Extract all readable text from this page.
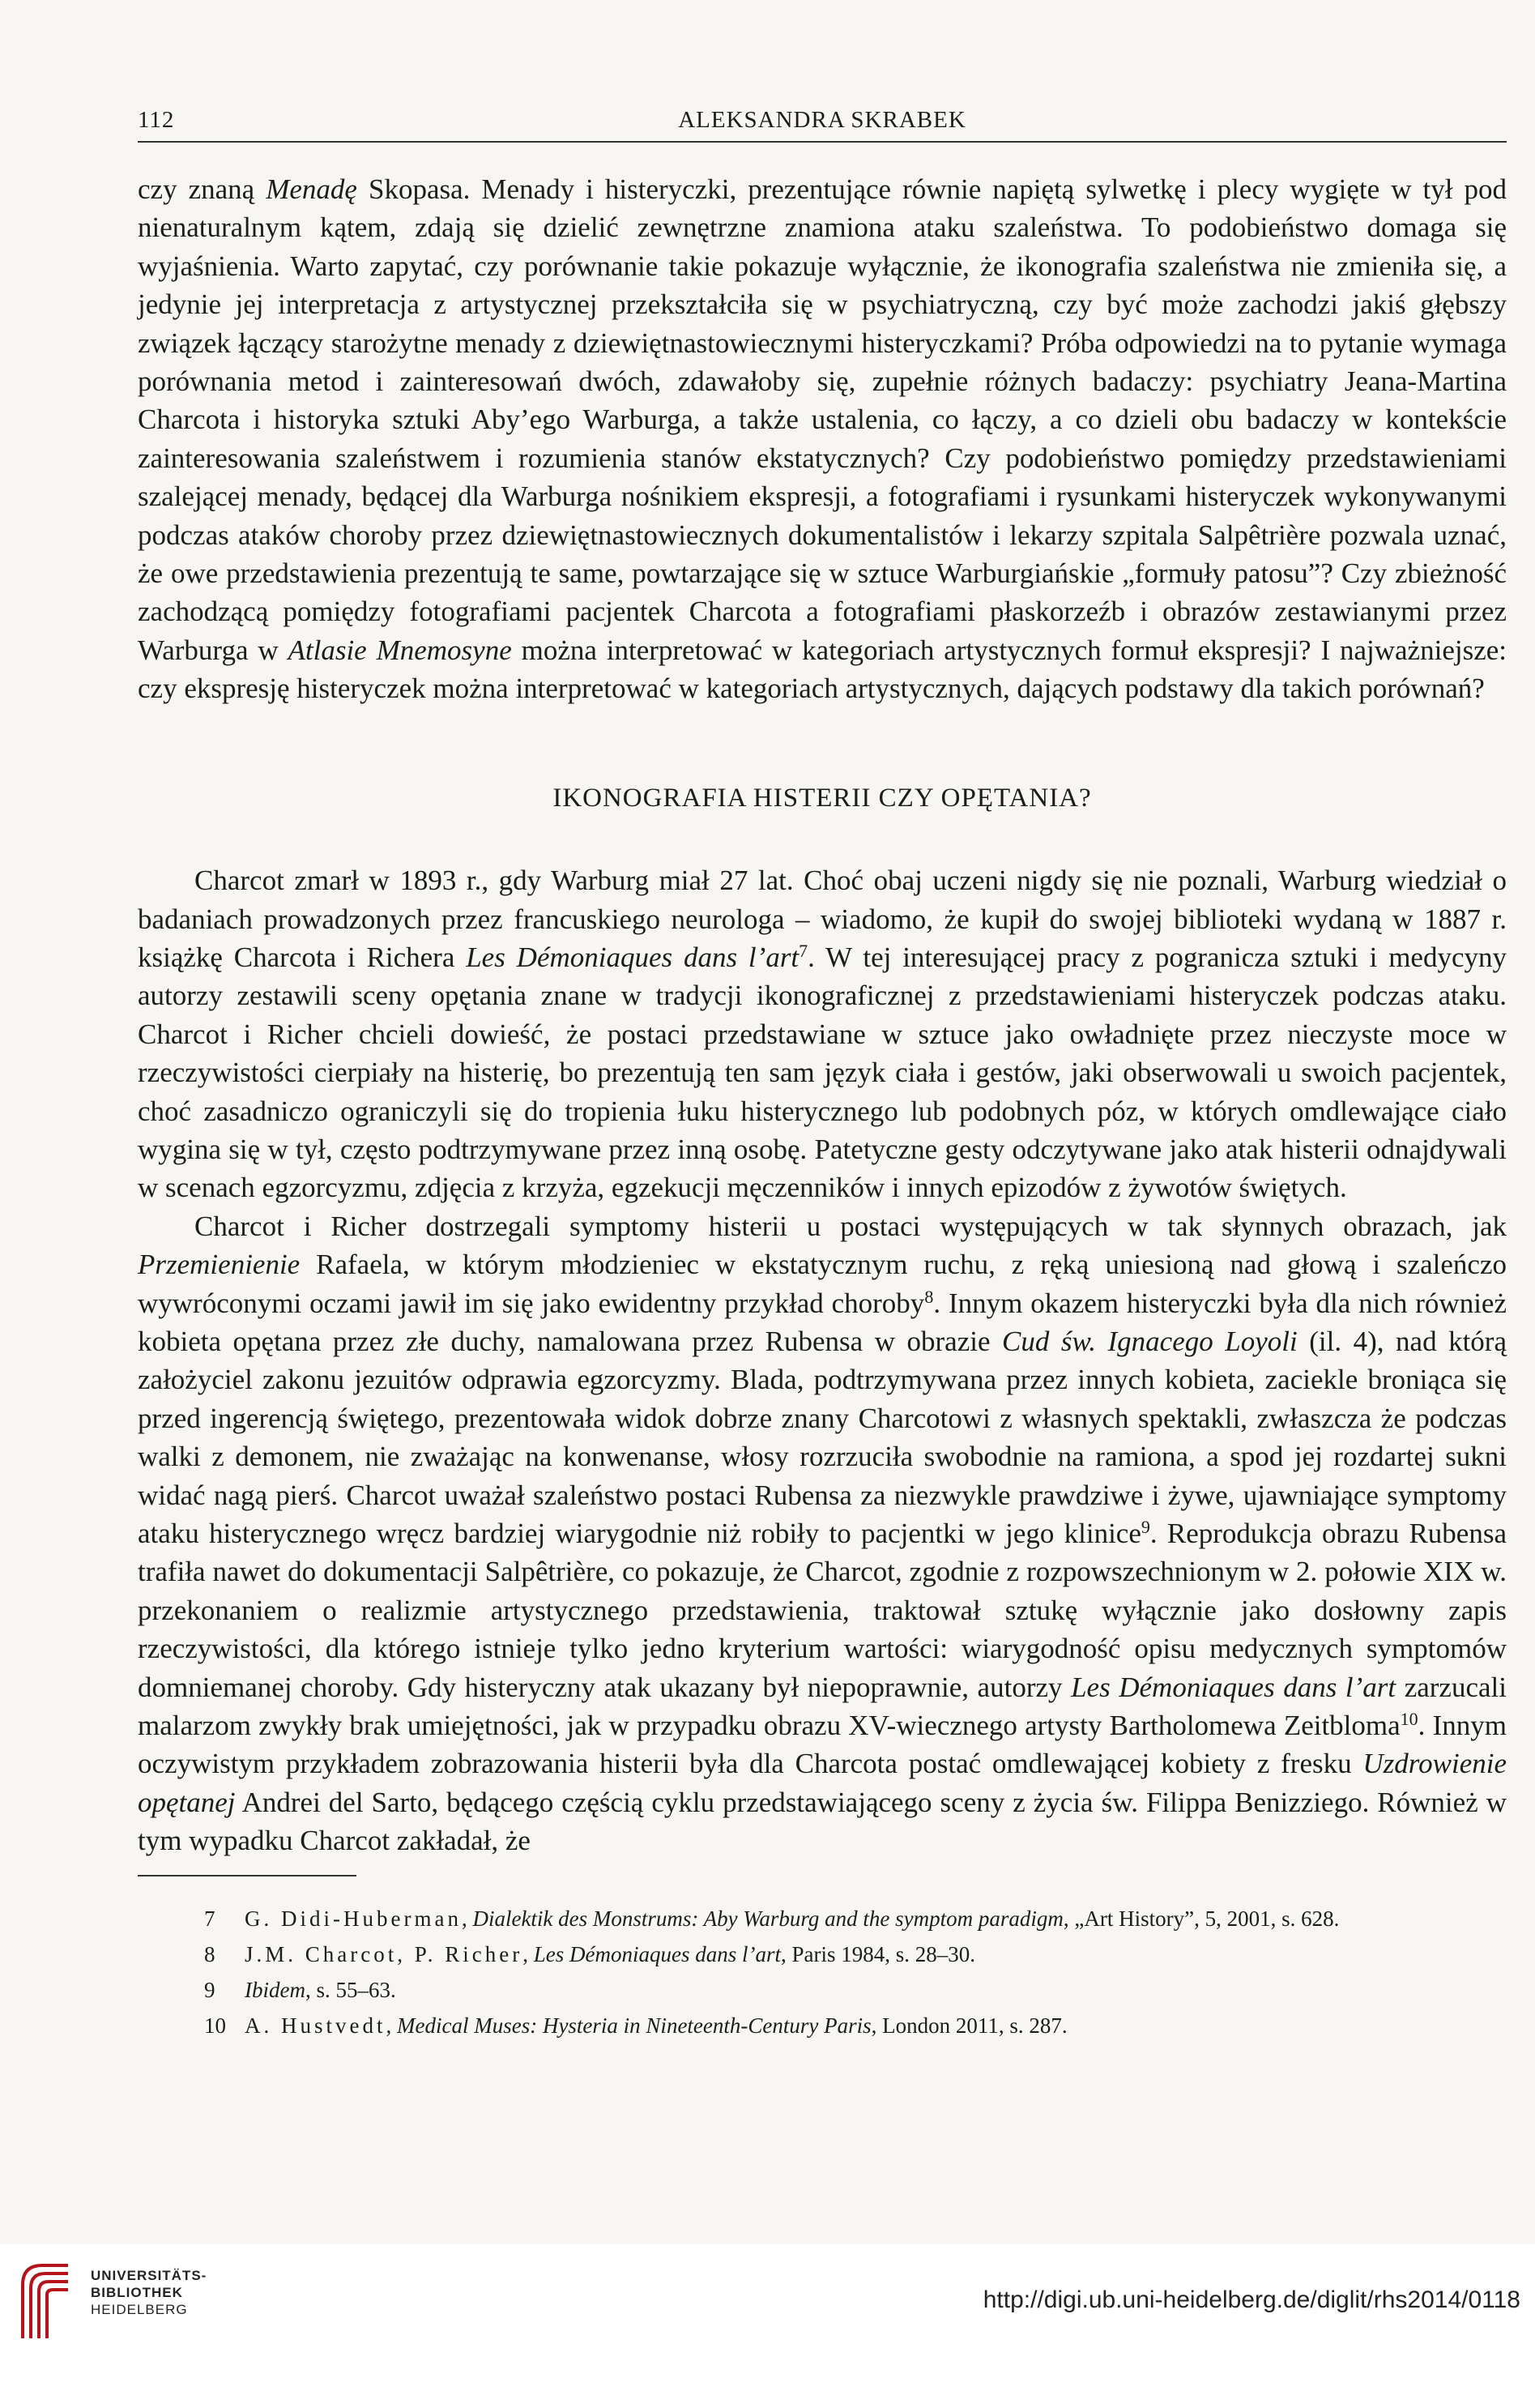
112	ALEKSANDRA SKRABEK

czy znaną Menadę Skopasa. Menady i histeryczki, prezentujące równie napiętą sylwetkę i plecy wygięte w tył pod nienaturalnym kątem, zdają się dzielić zewnętrzne znamiona ataku szaleństwa. To podobieństwo domaga się wyjaśnienia. Warto zapytać, czy porównanie takie pokazuje wyłącznie, że ikonografia szaleństwa nie zmieniła się, a jedynie jej interpretacja z artystycznej przekształciła się w psychiatryczną, czy być może zachodzi jakiś głębszy związek łączący starożytne menady z dziewiętnastowiecznymi histeryczkami? Próba odpowiedzi na to pytanie wymaga porównania metod i zainteresowań dwóch, zdawałoby się, zupełnie różnych badaczy: psychiatry Jeana-Martina Charcota i historyka sztuki Aby’ego Warburga, a także ustalenia, co łączy, a co dzieli obu badaczy w kontekście zainteresowania szaleństwem i rozumienia stanów ekstatycznych? Czy podobieństwo pomiędzy przedstawieniami szalejącej menady, będącej dla Warburga nośnikiem ekspresji, a fotografiami i rysunkami histeryczek wykonywanymi podczas ataków choroby przez dziewiętnastowiecznych dokumentalistów i lekarzy szpitala Salpêtrière pozwala uznać, że owe przedstawienia prezentują te same, powtarzające się w sztuce Warburgiańskie „formuły patosu”? Czy zbieżność zachodzącą pomiędzy fotografiami pacjentek Charcota a fotografiami płaskorzeźb i obrazów zestawianymi przez Warburga w Atlasie Mnemosyne można interpretować w kategoriach artystycznych formuł ekspresji? I najważniejsze: czy ekspresję histeryczek można interpretować w kategoriach artystycznych, dających podstawy dla takich porównań?

IKONOGRAFIA HISTERII CZY OPĘTANIA?

Charcot zmarł w 1893 r., gdy Warburg miał 27 lat. Choć obaj uczeni nigdy się nie poznali, Warburg wiedział o badaniach prowadzonych przez francuskiego neurologa – wiadomo, że kupił do swojej biblioteki wydaną w 1887 r. książkę Charcota i Richera Les Démoniaques dans l’art$^7$. W tej interesującej pracy z pogranicza sztuki i medycyny autorzy zestawili sceny opętania znane w tradycji ikonograficznej z przedstawieniami histeryczek podczas ataku. Charcot i Richer chcieli dowieść, że postaci przedstawiane w sztuce jako owładnięte przez nieczyste moce w rzeczywistości cierpiały na histerię, bo prezentują ten sam język ciała i gestów, jaki obserwowali u swoich pacjentek, choć zasadniczo ograniczyli się do tropienia łuku histerycznego lub podobnych póz, w których omdlewające ciało wygina się w tył, często podtrzymywane przez inną osobę. Patetyczne gesty odczytywane jako atak histerii odnajdywali w scenach egzorcyzmu, zdjęcia z krzyża, egzekucji męczenników i innych epizodów z żywotów świętych.

Charcot i Richer dostrzegali symptomy histerii u postaci występujących w tak słynnych obrazach, jak Przemienienie Rafaela, w którym młodzieniec w ekstatycznym ruchu, z ręką uniesioną nad głową i szaleńczo wywróconymi oczami jawił im się jako ewidentny przykład choroby$^8$. Innym okazem histeryczki była dla nich również kobieta opętana przez złe duchy, namalowana przez Rubensa w obrazie Cud św. Ignacego Loyoli (il. 4), nad którą założyciel zakonu jezuitów odprawia egzorcyzmy. Blada, podtrzymywana przez innych kobieta, zaciekle broniąca się przed ingerencją świętego, prezentowała widok dobrze znany Charcotowi z własnych spektakli, zwłaszcza że podczas walki z demonem, nie zważając na konwenanse, włosy rozrzuciła swobodnie na ramiona, a spod jej rozdartej sukni widać nagą pierś. Charcot uważał szaleństwo postaci Rubensa za niezwykle prawdziwe i żywe, ujawniające symptomy ataku histerycznego wręcz bardziej wiarygodnie niż robiły to pacjentki w jego klinice$^9$. Reprodukcja obrazu Rubensa trafiła nawet do dokumentacji Salpêtrière, co pokazuje, że Charcot, zgodnie z rozpowszechnionym w 2. połowie XIX w. przekonaniem o realizmie artystycznego przedstawienia, traktował sztukę wyłącznie jako dosłowny zapis rzeczywistości, dla którego istnieje tylko jedno kryterium wartości: wiarygodność opisu medycznych symptomów domniemanej choroby. Gdy histeryczny atak ukazany był niepoprawnie, autorzy Les Démoniaques dans l’art zarzucali malarzom zwykły brak umiejętności, jak w przypadku obrazu XV-wiecznego artysty Bartholomewa Zeitbloma$^{10}$. Innym oczywistym przykładem zobrazowania histerii była dla Charcota postać omdlewającej kobiety z fresku Uzdrowienie opętanej Andrei del Sarto, będącego częścią cyklu przedstawiającego sceny z życia św. Filippa Benizziego. Również w tym wypadku Charcot zakładał, że

7 G. Didi-Huberman, Dialektik des Monstrums: Aby Warburg and the symptom paradigm, „Art History”, 5, 2001, s. 628.

8 J.M. Charcot, P. Richer, Les Démoniaques dans l’art, Paris 1984, s. 28–30.

9 Ibidem, s. 55–63.

10 A. Hustvedt, Medical Muses: Hysteria in Nineteenth-Century Paris, London 2011, s. 287.

UNIVERSITÄTS-
BIBLIOTHEK
HEIDELBERG	http://digi.ub.uni-heidelberg.de/diglit/rhs2014/0118
